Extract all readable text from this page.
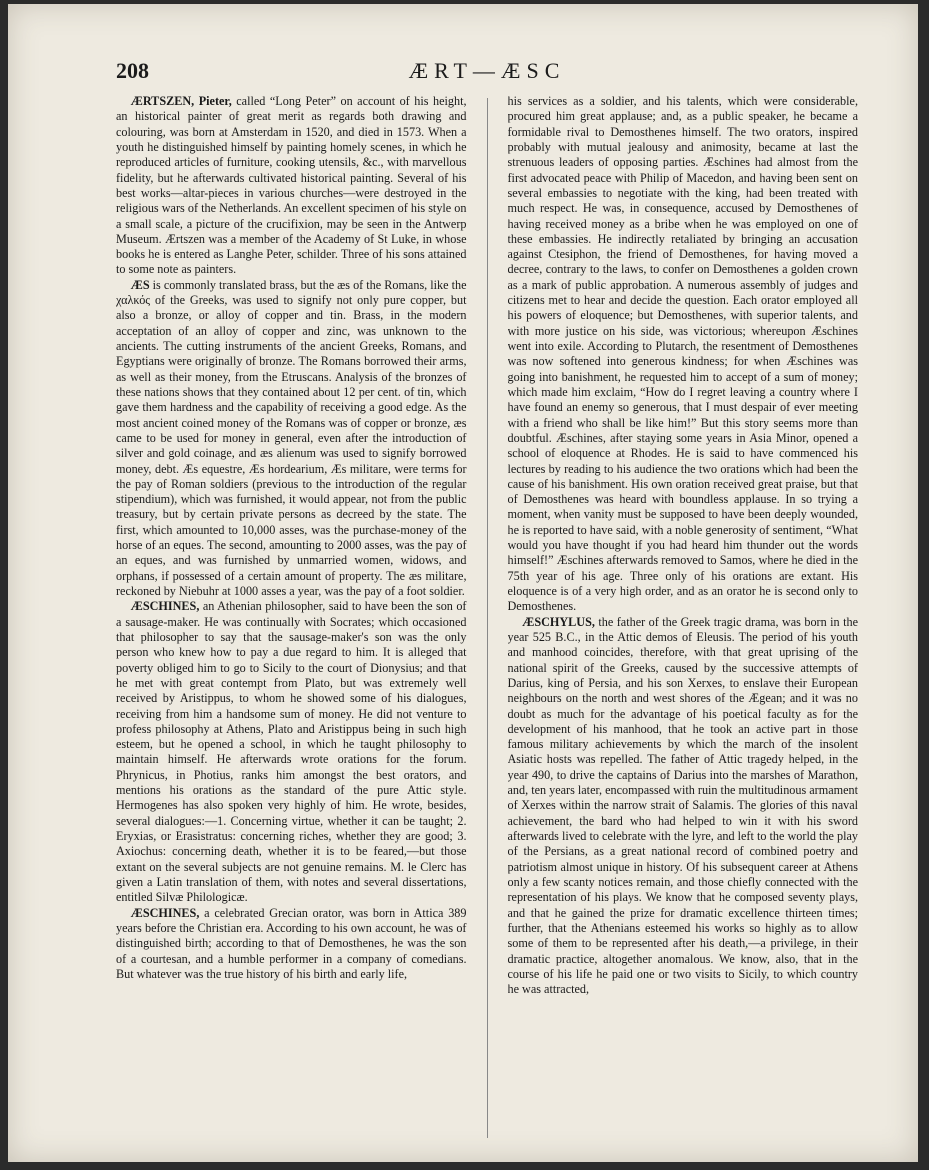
208	ÆRT—ÆSC

ÆRTSZEN, Pieter, called “Long Peter” on account of his height, an historical painter of great merit as regards both drawing and colouring, was born at Amsterdam in 1520, and died in 1573. When a youth he distinguished himself by painting homely scenes, in which he reproduced articles of furniture, cooking utensils, &c., with marvellous fidelity, but he afterwards cultivated historical painting. Several of his best works—altar-pieces in various churches—were destroyed in the religious wars of the Netherlands. An excellent specimen of his style on a small scale, a picture of the crucifixion, may be seen in the Antwerp Museum. Ærtszen was a member of the Academy of St Luke, in whose books he is entered as Langhe Peter, schilder. Three of his sons attained to some note as painters.

ÆS is commonly translated brass, but the æs of the Romans, like the χαλκός of the Greeks, was used to signify not only pure copper, but also a bronze, or alloy of copper and tin. Brass, in the modern acceptation of an alloy of copper and zinc, was unknown to the ancients. The cutting instruments of the ancient Greeks, Romans, and Egyptians were originally of bronze. The Romans borrowed their arms, as well as their money, from the Etruscans. Analysis of the bronzes of these nations shows that they contained about 12 per cent. of tin, which gave them hardness and the capability of receiving a good edge. As the most ancient coined money of the Romans was of copper or bronze, æs came to be used for money in general, even after the introduction of silver and gold coinage, and æs alienum was used to signify borrowed money, debt. Æs equestre, Æs hordearium, Æs militare, were terms for the pay of Roman soldiers (previous to the introduction of the regular stipendium), which was furnished, it would appear, not from the public treasury, but by certain private persons as decreed by the state. The first, which amounted to 10,000 asses, was the purchase-money of the horse of an eques. The second, amounting to 2000 asses, was the pay of an eques, and was furnished by unmarried women, widows, and orphans, if possessed of a certain amount of property. The æs militare, reckoned by Niebuhr at 1000 asses a year, was the pay of a foot soldier.

ÆSCHINES, an Athenian philosopher, said to have been the son of a sausage-maker. He was continually with Socrates; which occasioned that philosopher to say that the sausage-maker's son was the only person who knew how to pay a due regard to him. It is alleged that poverty obliged him to go to Sicily to the court of Dionysius; and that he met with great contempt from Plato, but was extremely well received by Aristippus, to whom he showed some of his dialogues, receiving from him a handsome sum of money. He did not venture to profess philosophy at Athens, Plato and Aristippus being in such high esteem, but he opened a school, in which he taught philosophy to maintain himself. He afterwards wrote orations for the forum. Phrynicus, in Photius, ranks him amongst the best orators, and mentions his orations as the standard of the pure Attic style. Hermogenes has also spoken very highly of him. He wrote, besides, several dialogues:—1. Concerning virtue, whether it can be taught; 2. Eryxias, or Erasistratus: concerning riches, whether they are good; 3. Axiochus: concerning death, whether it is to be feared,—but those extant on the several subjects are not genuine remains. M. le Clerc has given a Latin translation of them, with notes and several dissertations, entitled Silvæ Philologicæ.

ÆSCHINES, a celebrated Grecian orator, was born in Attica 389 years before the Christian era. According to his own account, he was of distinguished birth; according to that of Demosthenes, he was the son of a courtesan, and a humble performer in a company of comedians. But whatever was the true history of his birth and early life,

his services as a soldier, and his talents, which were considerable, procured him great applause; and, as a public speaker, he became a formidable rival to Demosthenes himself. The two orators, inspired probably with mutual jealousy and animosity, became at last the strenuous leaders of opposing parties. Æschines had almost from the first advocated peace with Philip of Macedon, and having been sent on several embassies to negotiate with the king, had been treated with much respect. He was, in consequence, accused by Demosthenes of having received money as a bribe when he was employed on one of these embassies. He indirectly retaliated by bringing an accusation against Ctesiphon, the friend of Demosthenes, for having moved a decree, contrary to the laws, to confer on Demosthenes a golden crown as a mark of public approbation. A numerous assembly of judges and citizens met to hear and decide the question. Each orator employed all his powers of eloquence; but Demosthenes, with superior talents, and with more justice on his side, was victorious; whereupon Æschines went into exile. According to Plutarch, the resentment of Demosthenes was now softened into generous kindness; for when Æschines was going into banishment, he requested him to accept of a sum of money; which made him exclaim, “How do I regret leaving a country where I have found an enemy so generous, that I must despair of ever meeting with a friend who shall be like him!” But this story seems more than doubtful. Æschines, after staying some years in Asia Minor, opened a school of eloquence at Rhodes. He is said to have commenced his lectures by reading to his audience the two orations which had been the cause of his banishment. His own oration received great praise, but that of Demosthenes was heard with boundless applause. In so trying a moment, when vanity must be supposed to have been deeply wounded, he is reported to have said, with a noble generosity of sentiment, “What would you have thought if you had heard him thunder out the words himself!” Æschines afterwards removed to Samos, where he died in the 75th year of his age. Three only of his orations are extant. His eloquence is of a very high order, and as an orator he is second only to Demosthenes.

ÆSCHYLUS, the father of the Greek tragic drama, was born in the year 525 B.C., in the Attic demos of Eleusis. The period of his youth and manhood coincides, therefore, with that great uprising of the national spirit of the Greeks, caused by the successive attempts of Darius, king of Persia, and his son Xerxes, to enslave their European neighbours on the north and west shores of the Ægean; and it was no doubt as much for the advantage of his poetical faculty as for the development of his manhood, that he took an active part in those famous military achievements by which the march of the insolent Asiatic hosts was repelled. The father of Attic tragedy helped, in the year 490, to drive the captains of Darius into the marshes of Marathon, and, ten years later, encompassed with ruin the multitudinous armament of Xerxes within the narrow strait of Salamis. The glories of this naval achievement, the bard who had helped to win it with his sword afterwards lived to celebrate with the lyre, and left to the world the play of the Persians, as a great national record of combined poetry and patriotism almost unique in history. Of his subsequent career at Athens only a few scanty notices remain, and those chiefly connected with the representation of his plays. We know that he composed seventy plays, and that he gained the prize for dramatic excellence thirteen times; further, that the Athenians esteemed his works so highly as to allow some of them to be represented after his death,—a privilege, in their dramatic practice, altogether anomalous. We know, also, that in the course of his life he paid one or two visits to Sicily, to which country he was attracted,
